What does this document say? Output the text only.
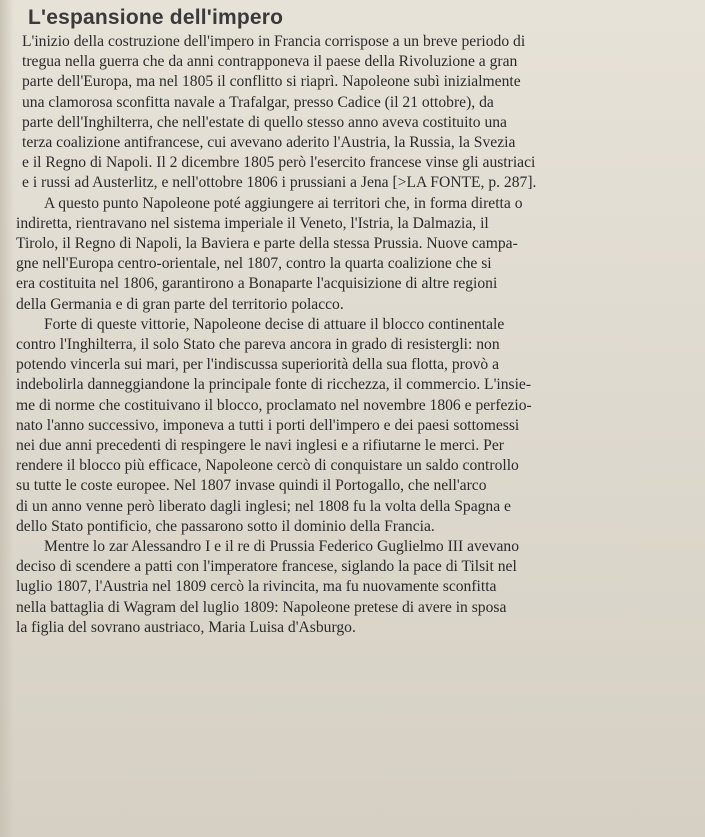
L'espansione dell'impero

L'inizio della costruzione dell'impero in Francia corrispose a un breve periodo di
tregua nella guerra che da anni contrapponeva il paese della Rivoluzione a gran
parte dell'Europa, ma nel 1805 il conflitto si riaprì. Napoleone subì inizialmente
una clamorosa sconfitta navale a Trafalgar, presso Cadice (il 21 ottobre), da
parte dell'Inghilterra, che nell'estate di quello stesso anno aveva costituito una
terza coalizione antifrancese, cui avevano aderito l'Austria, la Russia, la Svezia
e il Regno di Napoli. Il 2 dicembre 1805 però l'esercito francese vinse gli austriaci
e i russi ad Austerlitz, e nell'ottobre 1806 i prussiani a Jena [>LA FONTE, p. 287].

A questo punto Napoleone poté aggiungere ai territori che, in forma diretta o
indiretta, rientravano nel sistema imperiale il Veneto, l'Istria, la Dalmazia, il
Tirolo, il Regno di Napoli, la Baviera e parte della stessa Prussia. Nuove campa-
gne nell'Europa centro-orientale, nel 1807, contro la quarta coalizione che si
era costituita nel 1806, garantirono a Bonaparte l'acquisizione di altre regioni
della Germania e di gran parte del territorio polacco.

Forte di queste vittorie, Napoleone decise di attuare il blocco continentale
contro l'Inghilterra, il solo Stato che pareva ancora in grado di resistergli: non
potendo vincerla sui mari, per l'indiscussa superiorità della sua flotta, provò a
indebolirla danneggiandone la principale fonte di ricchezza, il commercio. L'insie-
me di norme che costituivano il blocco, proclamato nel novembre 1806 e perfezio-
nato l'anno successivo, imponeva a tutti i porti dell'impero e dei paesi sottomessi
nei due anni precedenti di respingere le navi inglesi e a rifiutarne le merci. Per
rendere il blocco più efficace, Napoleone cercò di conquistare un saldo controllo
su tutte le coste europee. Nel 1807 invase quindi il Portogallo, che nell'arco
di un anno venne però liberato dagli inglesi; nel 1808 fu la volta della Spagna e
dello Stato pontificio, che passarono sotto il dominio della Francia.

Mentre lo zar Alessandro I e il re di Prussia Federico Guglielmo III avevano
deciso di scendere a patti con l'imperatore francese, siglando la pace di Tilsit nel
luglio 1807, l'Austria nel 1809 cercò la rivincita, ma fu nuovamente sconfitta
nella battaglia di Wagram del luglio 1809: Napoleone pretese di avere in sposa
la figlia del sovrano austriaco, Maria Luisa d'Asburgo.
